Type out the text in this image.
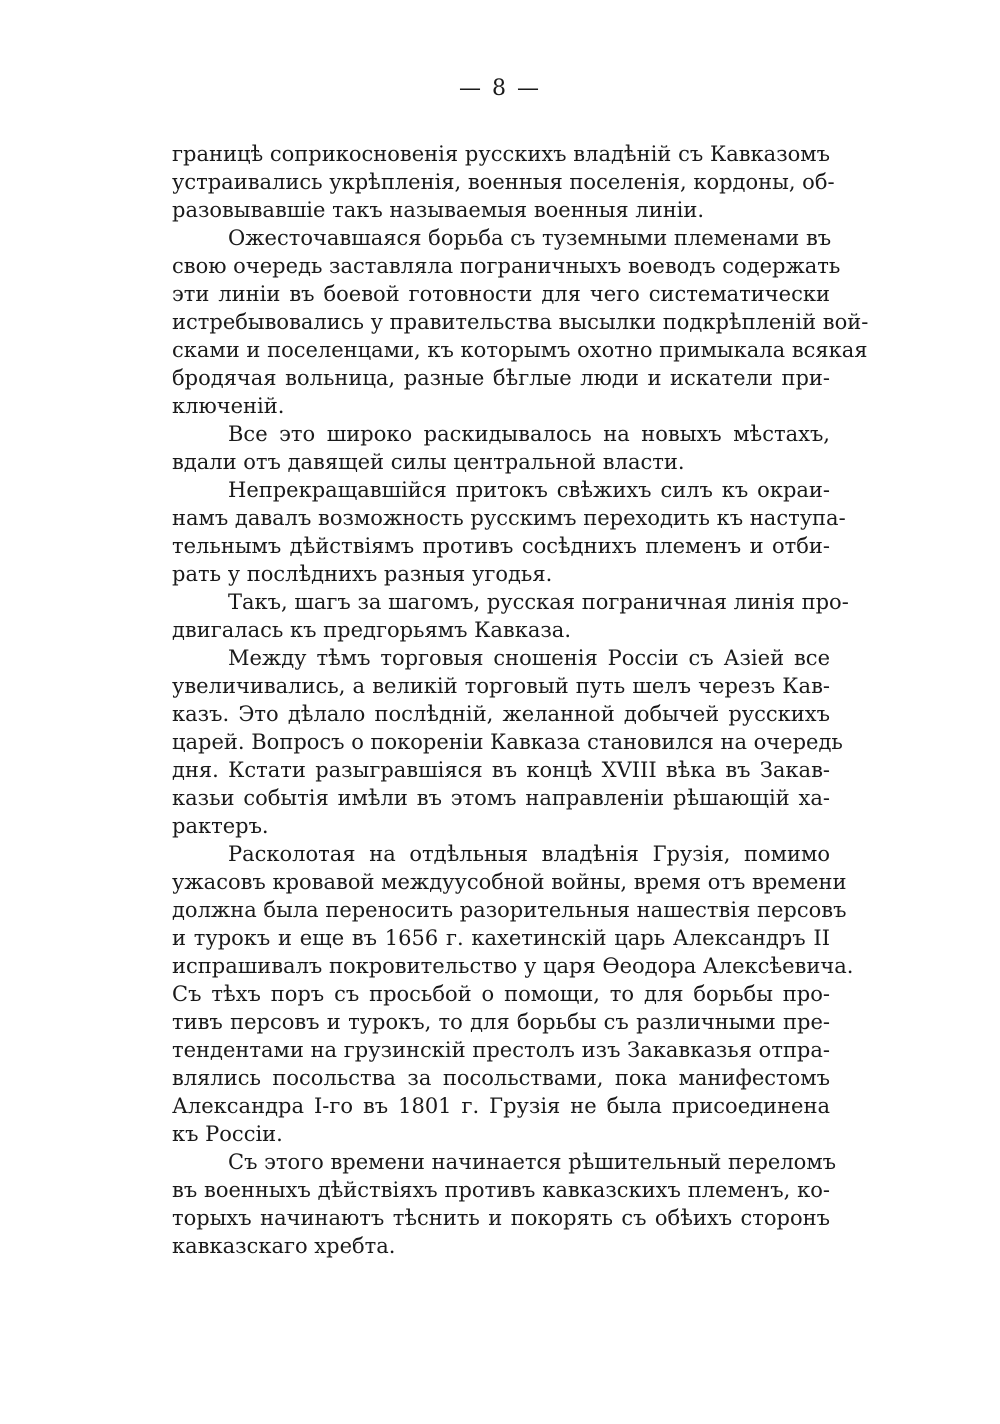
— 8 —
границѣ соприкосновенія русскихъ владѣній съ Кавказомъ
устраивались укрѣпленія, военныя поселенія, кордоны, об-
разовывавшіе такъ называемыя военныя линіи.
Ожесточавшаяся борьба съ туземными племенами въ
свою очередь заставляла пограничныхъ воеводъ содержать
эти линіи въ боевой готовности для чего систематически
истребывовались у правительства высылки подкрѣпленій вой-
сками и поселенцами, къ которымъ охотно примыкала всякая
бродячая вольница, разные бѣглые люди и искатели при-
ключеній.
Все это широко раскидывалось на новыхъ мѣстахъ,
вдали отъ давящей силы центральной власти.
Непрекращавшійся притокъ свѣжихъ силъ къ окраи-
намъ давалъ возможность русскимъ переходить къ наступа-
тельнымъ дѣйствіямъ противъ сосѣднихъ племенъ и отби-
рать у послѣднихъ разныя угодья.
Такъ, шагъ за шагомъ, русская пограничная линія про-
двигалась къ предгорьямъ Кавказа.
Между тѣмъ торговыя сношенія Россіи съ Азіей все
увеличивались, а великій торговый путь шелъ черезъ Кав-
казъ. Это дѣлало послѣдній, желанной добычей русскихъ
царей. Вопросъ о покореніи Кавказа становился на очередь
дня. Кстати разыгравшіяся въ концѣ XVIII вѣка въ Закав-
казьи событія имѣли въ этомъ направленіи рѣшающій ха-
рактеръ.
Расколотая на отдѣльныя владѣнія Грузія, помимо
ужасовъ кровавой междуусобной войны, время отъ времени
должна была переносить разорительныя нашествія персовъ
и турокъ и еще въ 1656 г. кахетинскій царь Александръ II
испрашивалъ покровительство у царя Өеодора Алексѣевича.
Съ тѣхъ поръ съ просьбой о помощи, то для борьбы про-
тивъ персовъ и турокъ, то для борьбы съ различными пре-
тендентами на грузинскій престолъ изъ Закавказья отпра-
влялись посольства за посольствами, пока манифестомъ
Александра I-го въ 1801 г. Грузія не была присоединена
къ Россіи.
Съ этого времени начинается рѣшительный переломъ
въ военныхъ дѣйствіяхъ противъ кавказскихъ племенъ, ко-
торыхъ начинаютъ тѣснить и покорять съ обѣихъ сторонъ
кавказскаго хребта.
